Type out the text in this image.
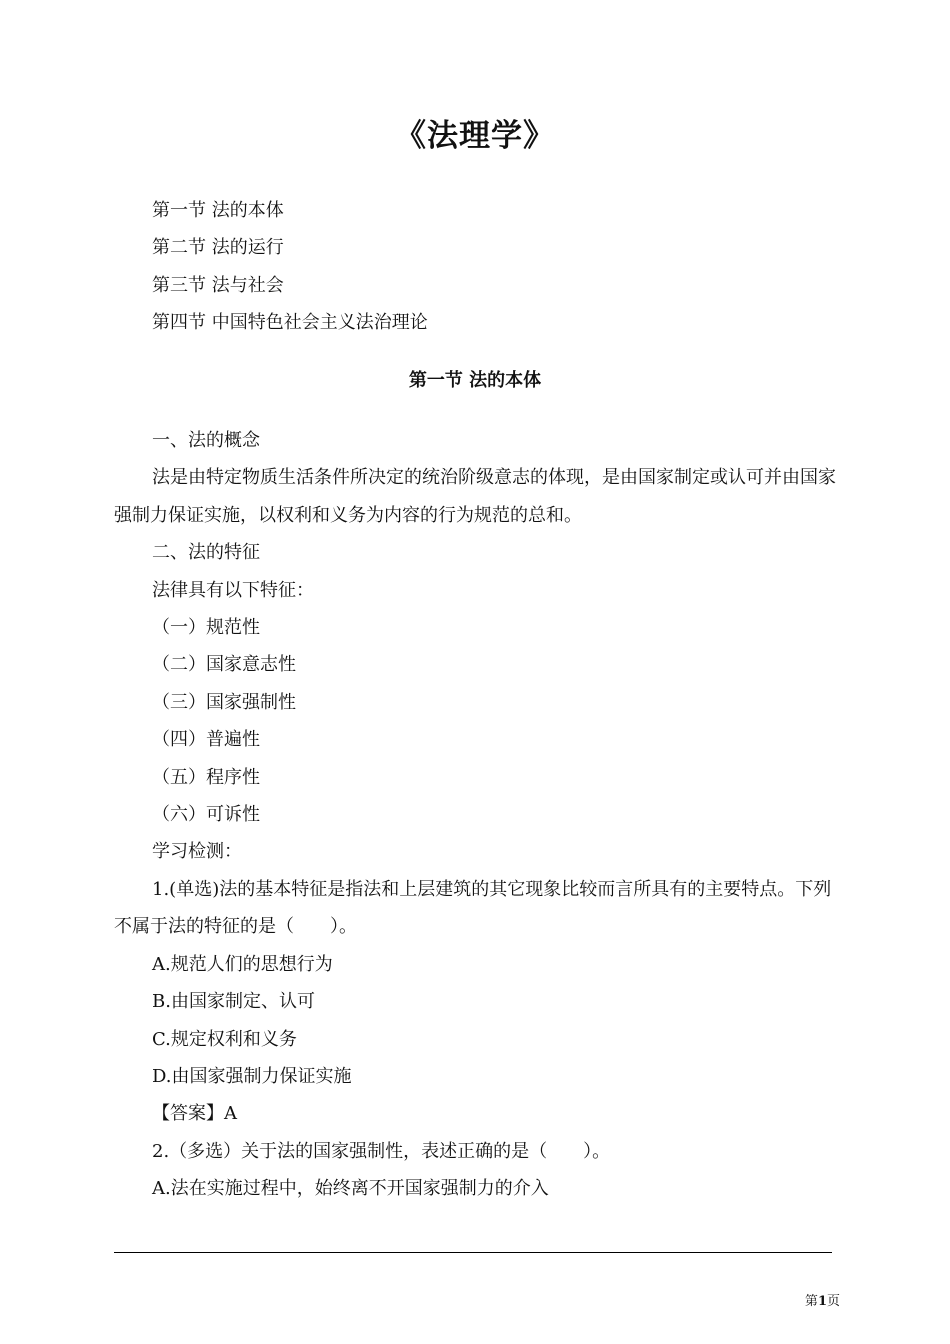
《法理学》
第一节 法的本体
第二节 法的运行
第三节 法与社会
第四节 中国特色社会主义法治理论
第一节 法的本体

一、法的概念

法是由特定物质生活条件所决定的统治阶级意志的体现，是由国家制定或认可并由国家强制力保证实施，以权利和义务为内容的行为规范的总和。

二、法的特征

法律具有以下特征：

（一）规范性

（二）国家意志性

（三）国家强制性

（四）普遍性

（五）程序性

（六）可诉性

学习检测：

1.(单选)法的基本特征是指法和上层建筑的其它现象比较而言所具有的主要特点。下列不属于法的特征的是（　　）。

A.规范人们的思想行为

B.由国家制定、认可

C.规定权利和义务

D.由国家强制力保证实施

【答案】A

2.（多选）关于法的国家强制性，表述正确的是（　　）。

A.法在实施过程中，始终离不开国家强制力的介入

第1页
